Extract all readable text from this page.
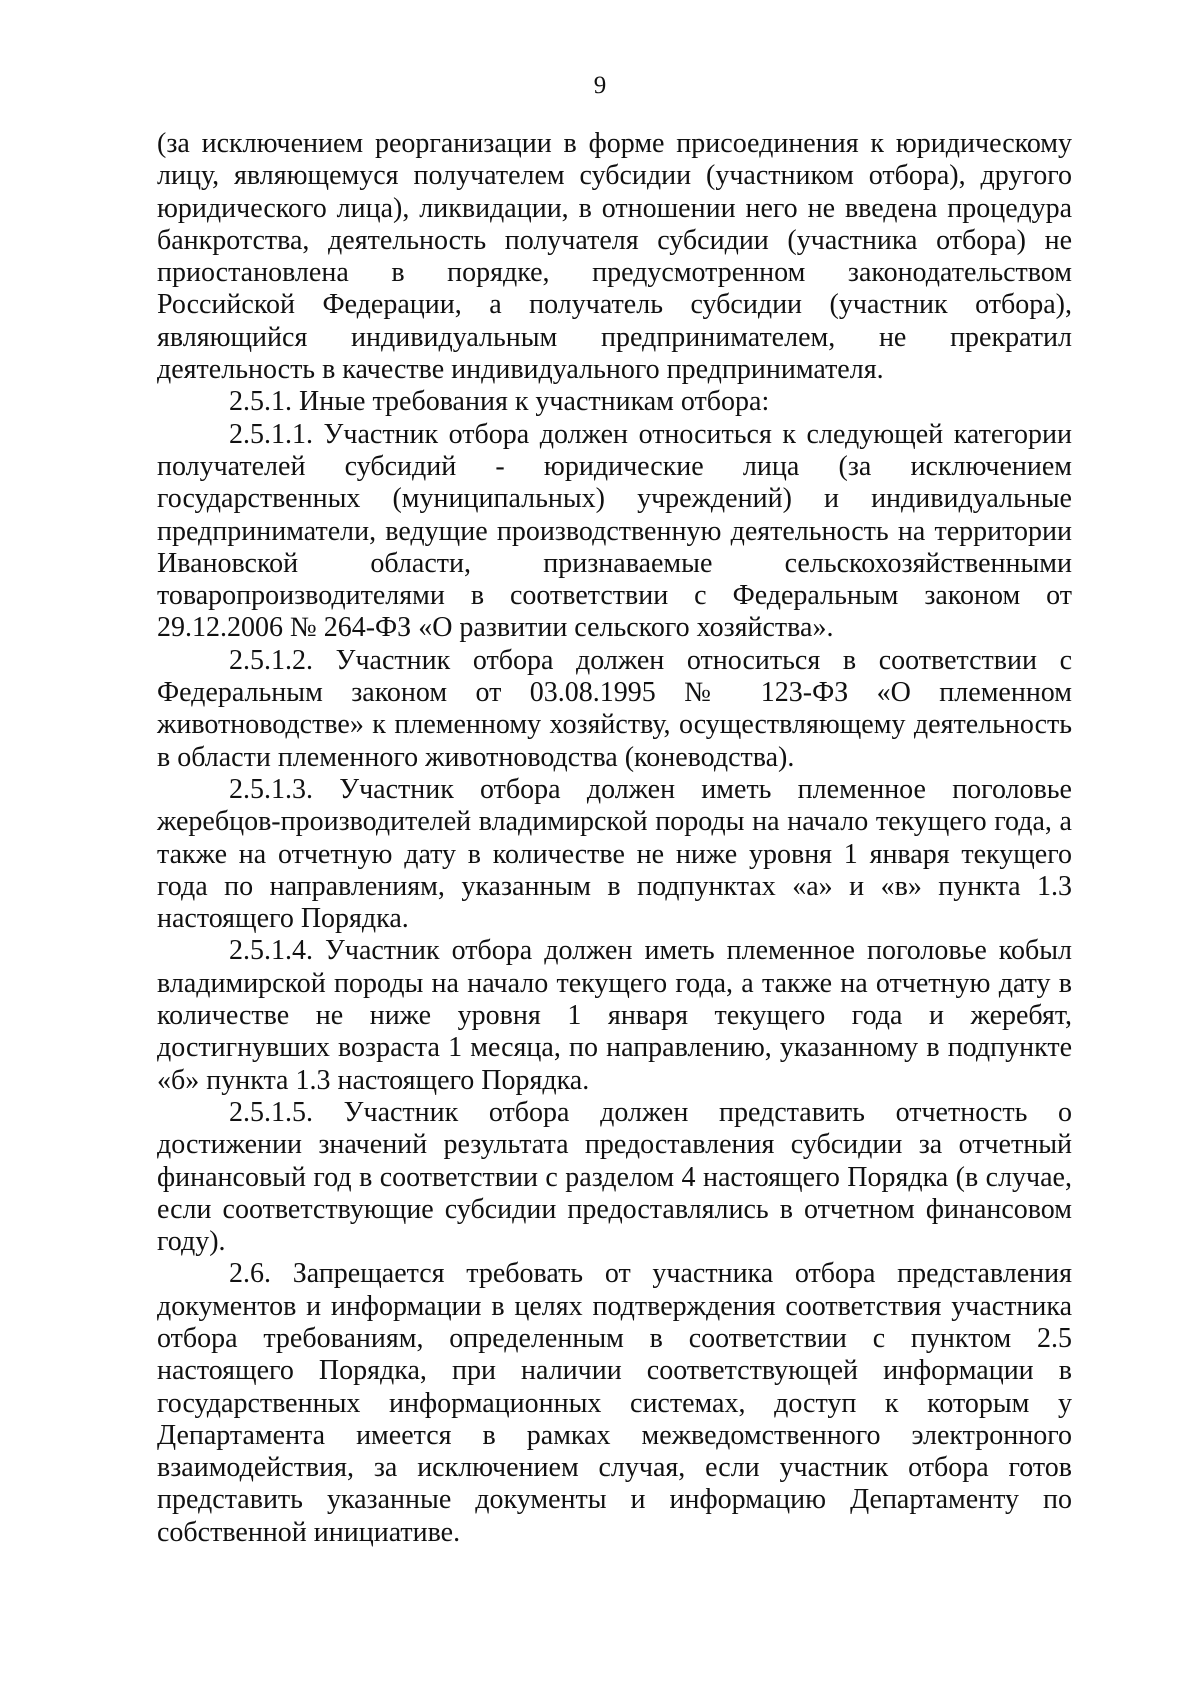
9

(за исключением реорганизации в форме присоединения к юридическому лицу, являющемуся получателем субсидии (участником отбора), другого юридического лица), ликвидации, в отношении него не введена процедура банкротства, деятельность получателя субсидии (участника отбора) не приостановлена в порядке, предусмотренном законодательством Российской Федерации, а получатель субсидии (участник отбора), являющийся индивидуальным предпринимателем, не прекратил деятельность в качестве индивидуального предпринимателя.

2.5.1. Иные требования к участникам отбора:

2.5.1.1. Участник отбора должен относиться к следующей категории получателей субсидий - юридические лица (за исключением государственных (муниципальных) учреждений) и индивидуальные предприниматели, ведущие производственную деятельность на территории Ивановской области, признаваемые сельскохозяйственными товаропроизводителями в соответствии с Федеральным законом от 29.12.2006 № 264-ФЗ «О развитии сельского хозяйства».

2.5.1.2. Участник отбора должен относиться в соответствии с Федеральным законом от 03.08.1995 № 123-ФЗ «О племенном животноводстве» к племенному хозяйству, осуществляющему деятельность в области племенного животноводства (коневодства).

2.5.1.3. Участник отбора должен иметь племенное поголовье жеребцов-производителей владимирской породы на начало текущего года, а также на отчетную дату в количестве не ниже уровня 1 января текущего года по направлениям, указанным в подпунктах «а» и «в» пункта 1.3 настоящего Порядка.

2.5.1.4. Участник отбора должен иметь племенное поголовье кобыл владимирской породы на начало текущего года, а также на отчетную дату в количестве не ниже уровня 1 января текущего года и жеребят, достигнувших возраста 1 месяца, по направлению, указанному в подпункте «б» пункта 1.3 настоящего Порядка.

2.5.1.5. Участник отбора должен представить отчетность о достижении значений результата предоставления субсидии за отчетный финансовый год в соответствии с разделом 4 настоящего Порядка (в случае, если соответствующие субсидии предоставлялись в отчетном финансовом году).

2.6. Запрещается требовать от участника отбора представления документов и информации в целях подтверждения соответствия участника отбора требованиям, определенным в соответствии с пунктом 2.5 настоящего Порядка, при наличии соответствующей информации в государственных информационных системах, доступ к которым у Департамента имеется в рамках межведомственного электронного взаимодействия, за исключением случая, если участник отбора готов представить указанные документы и информацию Департаменту по собственной инициативе.
